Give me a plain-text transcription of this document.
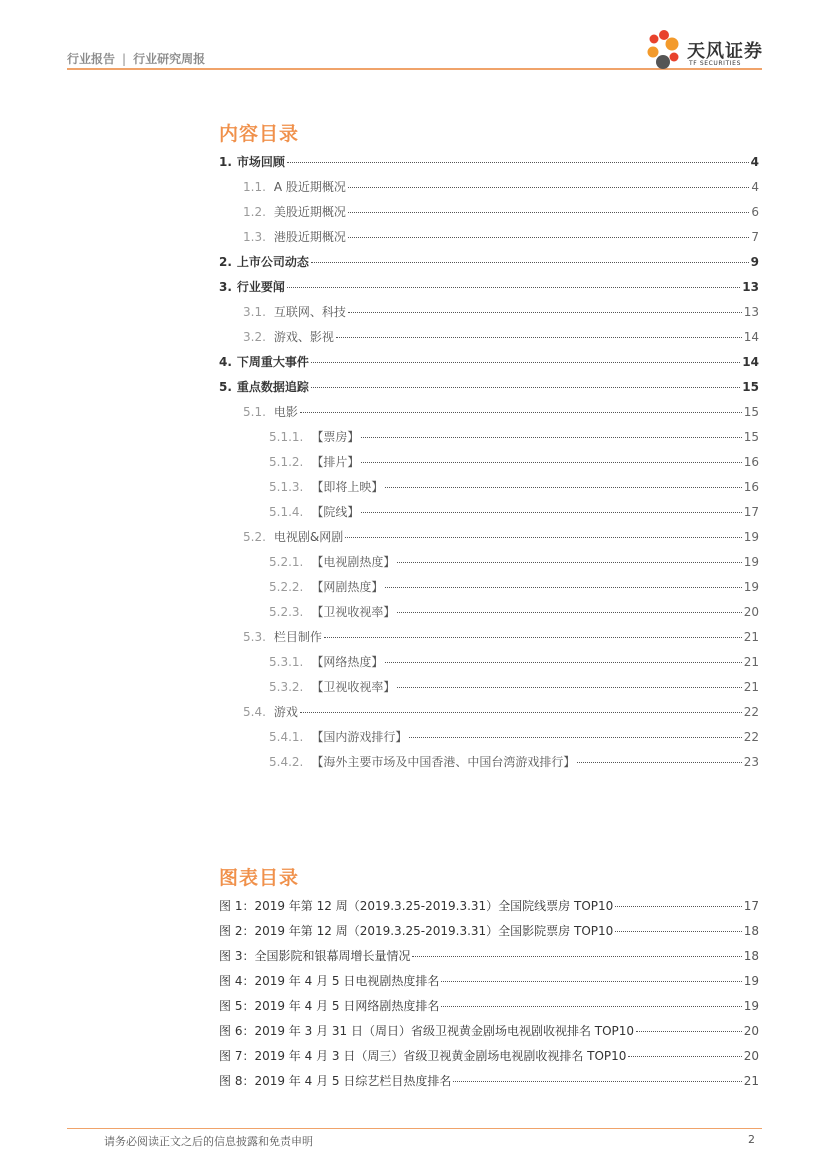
行业报告 | 行业研究周报	天风证券
TF SECURITIES
内容目录
1. 市场回顾	4
1.1. A 股近期概况	4
1.2. 美股近期概况	6
1.3. 港股近期概况	7
2. 上市公司动态	9
3. 行业要闻	13
3.1. 互联网、科技	13
3.2. 游戏、影视	14
4. 下周重大事件	14
5. 重点数据追踪	15
5.1. 电影	15
5.1.1. 【票房】	15
5.1.2. 【排片】	16
5.1.3. 【即将上映】	16
5.1.4. 【院线】	17
5.2. 电视剧&网剧	19
5.2.1. 【电视剧热度】	19
5.2.2. 【网剧热度】	19
5.2.3. 【卫视收视率】	20
5.3. 栏目制作	21
5.3.1. 【网络热度】	21
5.3.2. 【卫视收视率】	21
5.4. 游戏	22
5.4.1. 【国内游戏排行】	22
5.4.2. 【海外主要市场及中国香港、中国台湾游戏排行】	23
图表目录
图 1：2019 年第 12 周（2019.3.25-2019.3.31）全国院线票房 TOP10	17
图 2：2019 年第 12 周（2019.3.25-2019.3.31）全国影院票房 TOP10	18
图 3：全国影院和银幕周增长量情况	18
图 4：2019 年 4 月 5 日电视剧热度排名	19
图 5：2019 年 4 月 5 日网络剧热度排名	19
图 6：2019 年 3 月 31 日（周日）省级卫视黄金剧场电视剧收视排名 TOP10	20
图 7：2019 年 4 月 3 日（周三）省级卫视黄金剧场电视剧收视排名 TOP10	20
图 8：2019 年 4 月 5 日综艺栏目热度排名	21
请务必阅读正文之后的信息披露和免责申明	2
